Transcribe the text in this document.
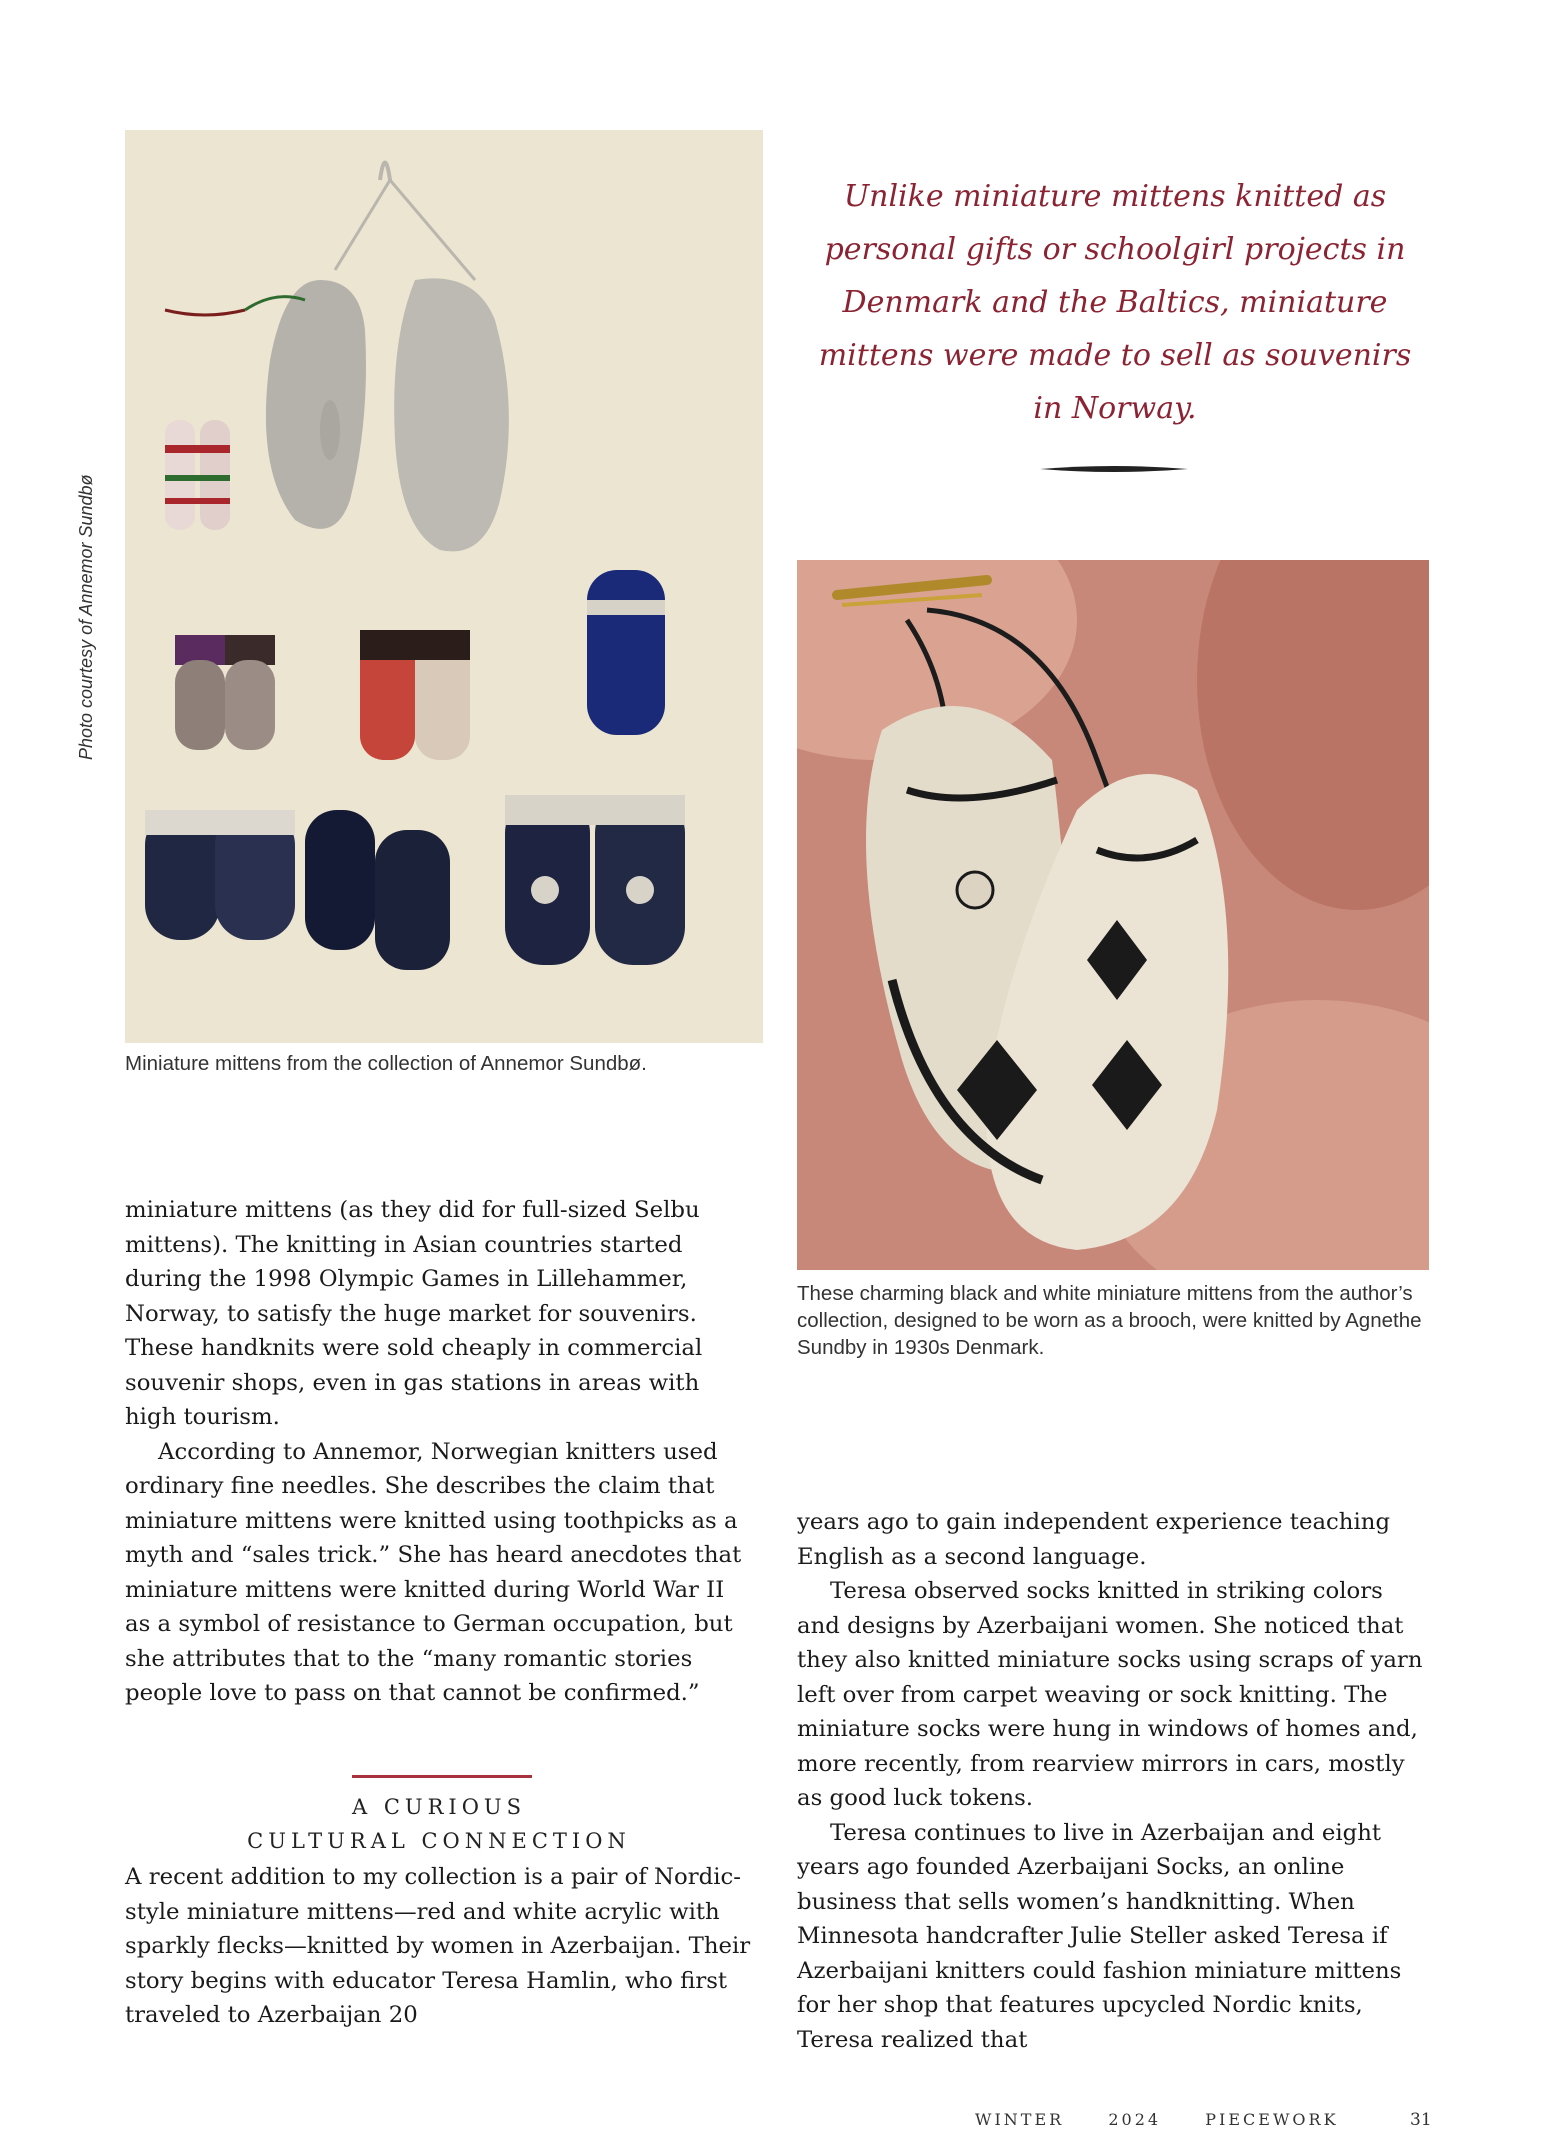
Photo courtesy of Annemor Sundbø
Miniature mittens from the collection of Annemor Sundbø.
Unlike miniature mittens knitted as personal gifts or schoolgirl projects in Denmark and the Baltics, miniature mittens were made to sell as souvenirs in Norway.
These charming black and white miniature mittens from the author’s collection, designed to be worn as a brooch, were knitted by Agnethe Sundby in 1930s Denmark.

miniature mittens (as they did for full-sized Selbu mittens). The knitting in Asian countries started during the 1998 Olympic Games in Lillehammer, Norway, to satisfy the huge market for souvenirs. These handknits were sold cheaply in commercial souvenir shops, even in gas stations in areas with high tourism.

According to Annemor, Norwegian knitters used ordinary fine needles. She describes the claim that miniature mittens were knitted using toothpicks as a myth and “sales trick.” She has heard anecdotes that miniature mittens were knitted during World War II as a symbol of resistance to German occupation, but she attributes that to the “many romantic stories people love to pass on that cannot be confirmed.”

A CURIOUS
CULTURAL CONNECTION

A recent addition to my collection is a pair of Nordic-style miniature mittens—red and white acrylic with sparkly flecks—knitted by women in Azerbaijan. Their story begins with educator Teresa Hamlin, who first traveled to Azerbaijan 20

years ago to gain independent experience teaching English as a second language.

Teresa observed socks knitted in striking colors and designs by Azerbaijani women. She noticed that they also knitted miniature socks using scraps of yarn left over from carpet weaving or sock knitting. The miniature socks were hung in windows of homes and, more recently, from rearview mirrors in cars, mostly as good luck tokens.

Teresa continues to live in Azerbaijan and eight years ago founded Azerbaijani Socks, an online business that sells women’s handknitting. When Minnesota handcrafter Julie Steller asked Teresa if Azerbaijani knitters could fashion miniature mittens for her shop that features upcycled Nordic knits, Teresa realized that

WINTER	2024	PIECEWORK	31
